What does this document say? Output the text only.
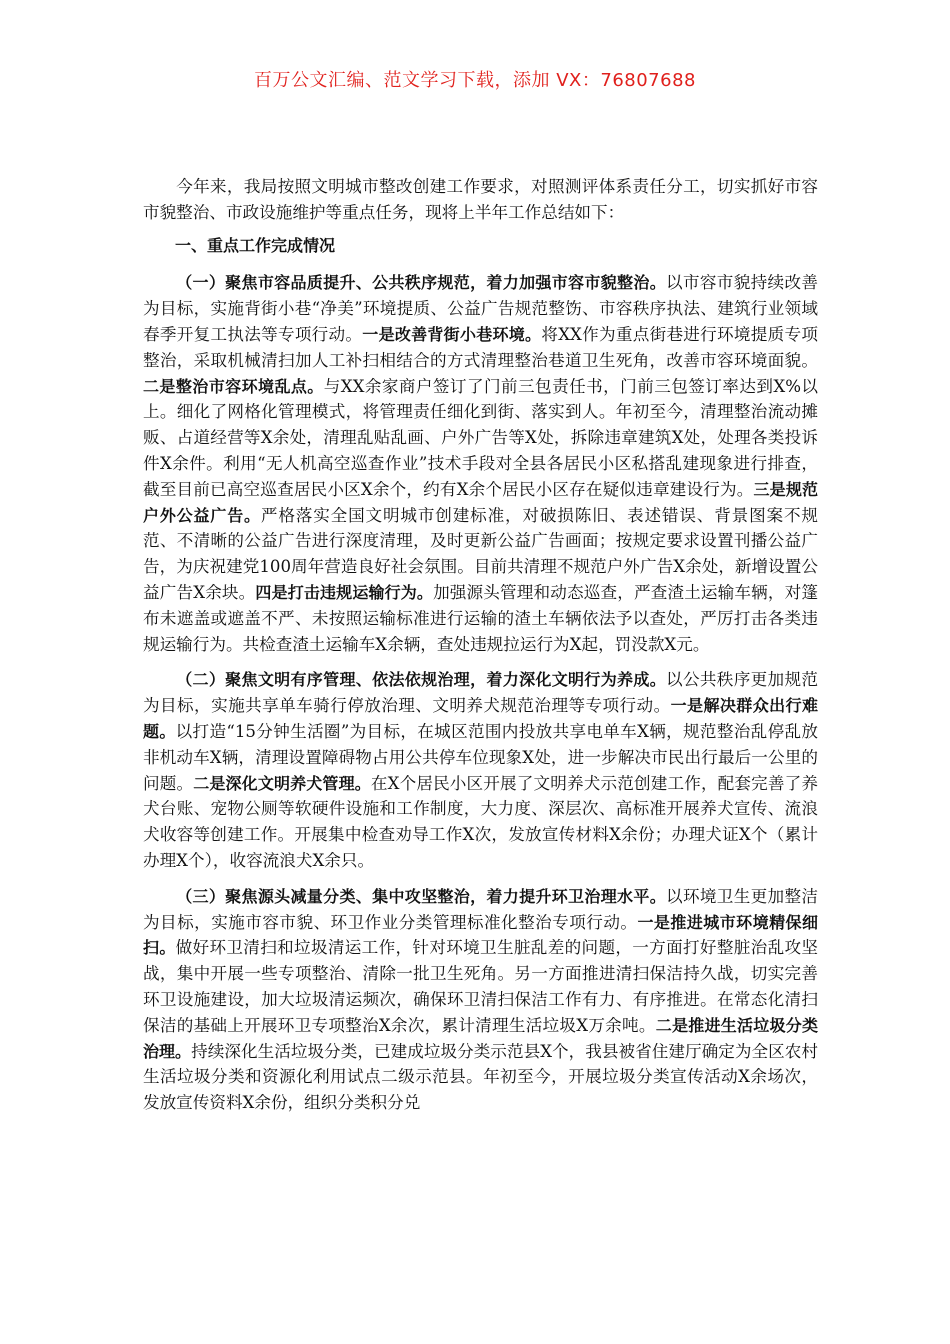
百万公文汇编、范文学习下载，添加 VX：76807688

今年来，我局按照文明城市整改创建工作要求，对照测评体系责任分工，切实抓好市容市貌整治、市政设施维护等重点任务，现将上半年工作总结如下：

一、重点工作完成情况

（一）聚焦市容品质提升、公共秩序规范，着力加强市容市貌整治。以市容市貌持续改善为目标，实施背街小巷“净美”环境提质、公益广告规范整饬、市容秩序执法、建筑行业领域春季开复工执法等专项行动。一是改善背街小巷环境。将XX作为重点街巷进行环境提质专项整治，采取机械清扫加人工补扫相结合的方式清理整治巷道卫生死角，改善市容环境面貌。二是整治市容环境乱点。与XX余家商户签订了门前三包责任书，门前三包签订率达到X%以上。细化了网格化管理模式，将管理责任细化到街、落实到人。年初至今，清理整治流动摊贩、占道经营等X余处，清理乱贴乱画、户外广告等X处，拆除违章建筑X处，处理各类投诉件X余件。利用“无人机高空巡查作业”技术手段对全县各居民小区私搭乱建现象进行排查，截至目前已高空巡查居民小区X余个，约有X余个居民小区存在疑似违章建设行为。三是规范户外公益广告。严格落实全国文明城市创建标准，对破损陈旧、表述错误、背景图案不规范、不清晰的公益广告进行深度清理，及时更新公益广告画面；按规定要求设置刊播公益广告，为庆祝建党100周年营造良好社会氛围。目前共清理不规范户外广告X余处，新增设置公益广告X余块。四是打击违规运输行为。加强源头管理和动态巡查，严查渣土运输车辆，对篷布未遮盖或遮盖不严、未按照运输标准进行运输的渣土车辆依法予以查处，严厉打击各类违规运输行为。共检查渣土运输车X余辆，查处违规拉运行为X起，罚没款X元。

（二）聚焦文明有序管理、依法依规治理，着力深化文明行为养成。以公共秩序更加规范为目标，实施共享单车骑行停放治理、文明养犬规范治理等专项行动。一是解决群众出行难题。以打造“15分钟生活圈”为目标，在城区范围内投放共享电单车X辆，规范整治乱停乱放非机动车X辆，清理设置障碍物占用公共停车位现象X处，进一步解决市民出行最后一公里的问题。二是深化文明养犬管理。在X个居民小区开展了文明养犬示范创建工作，配套完善了养犬台账、宠物公厕等软硬件设施和工作制度，大力度、深层次、高标准开展养犬宣传、流浪犬收容等创建工作。开展集中检查劝导工作X次，发放宣传材料X余份；办理犬证X个（累计办理X个），收容流浪犬X余只。

（三）聚焦源头减量分类、集中攻坚整治，着力提升环卫治理水平。以环境卫生更加整洁为目标，实施市容市貌、环卫作业分类管理标准化整治专项行动。一是推进城市环境精保细扫。做好环卫清扫和垃圾清运工作，针对环境卫生脏乱差的问题，一方面打好整脏治乱攻坚战，集中开展一些专项整治、清除一批卫生死角。另一方面推进清扫保洁持久战，切实完善环卫设施建设，加大垃圾清运频次，确保环卫清扫保洁工作有力、有序推进。在常态化清扫保洁的基础上开展环卫专项整治X余次，累计清理生活垃圾X万余吨。二是推进生活垃圾分类治理。持续深化生活垃圾分类，已建成垃圾分类示范县X个，我县被省住建厅确定为全区农村生活垃圾分类和资源化利用试点二级示范县。年初至今，开展垃圾分类宣传活动X余场次，发放宣传资料X余份，组织分类积分兑
